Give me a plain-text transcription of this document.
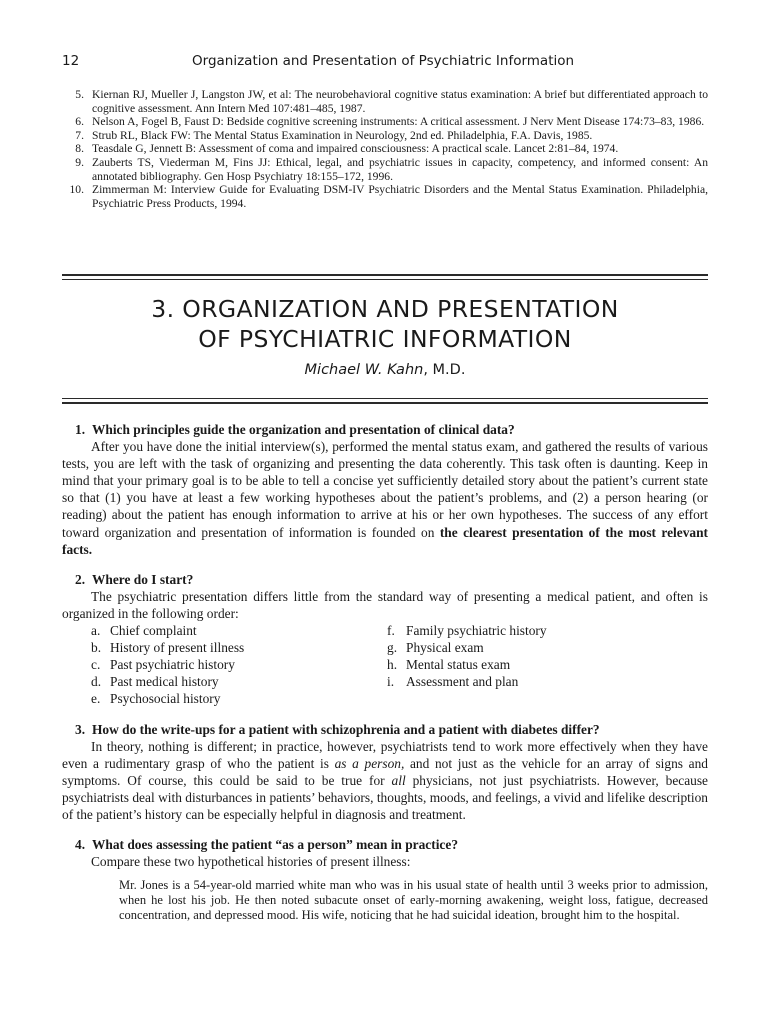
12	Organization and Presentation of Psychiatric Information
5. Kiernan RJ, Mueller J, Langston JW, et al: The neurobehavioral cognitive status examination: A brief but differentiated approach to cognitive assessment. Ann Intern Med 107:481–485, 1987.
6. Nelson A, Fogel B, Faust D: Bedside cognitive screening instruments: A critical assessment. J Nerv Ment Disease 174:73–83, 1986.
7. Strub RL, Black FW: The Mental Status Examination in Neurology, 2nd ed. Philadelphia, F.A. Davis, 1985.
8. Teasdale G, Jennett B: Assessment of coma and impaired consciousness: A practical scale. Lancet 2:81–84, 1974.
9. Zauberts TS, Viederman M, Fins JJ: Ethical, legal, and psychiatric issues in capacity, competency, and informed consent: An annotated bibliography. Gen Hosp Psychiatry 18:155–172, 1996.
10. Zimmerman M: Interview Guide for Evaluating DSM-IV Psychiatric Disorders and the Mental Status Examination. Philadelphia, Psychiatric Press Products, 1994.
3. ORGANIZATION AND PRESENTATION
OF PSYCHIATRIC INFORMATION
Michael W. Kahn, M.D.
1. Which principles guide the organization and presentation of clinical data?

After you have done the initial interview(s), performed the mental status exam, and gathered the results of various tests, you are left with the task of organizing and presenting the data coherently. This task often is daunting. Keep in mind that your primary goal is to be able to tell a concise yet sufficiently detailed story about the patient’s current state so that (1) you have at least a few working hypotheses about the patient’s problems, and (2) a person hearing (or reading) about the patient has enough information to arrive at his or her own hypotheses. The success of any effort toward organization and presentation of information is founded on the clearest presentation of the most relevant facts.

2. Where do I start?

The psychiatric presentation differs little from the standard way of presenting a medical patient, and often is organized in the following order:

a. Chief complaint	f. Family psychiatric history
b. History of present illness	g. Physical exam
c. Past psychiatric history	h. Mental status exam
d. Past medical history	i. Assessment and plan
e. Psychosocial history
3. How do the write-ups for a patient with schizophrenia and a patient with diabetes differ?

In theory, nothing is different; in practice, however, psychiatrists tend to work more effectively when they have even a rudimentary grasp of who the patient is as a person, and not just as the vehicle for an array of signs and symptoms. Of course, this could be said to be true for all physicians, not just psychiatrists. However, because psychiatrists deal with disturbances in patients’ behaviors, thoughts, moods, and feelings, a vivid and lifelike description of the patient’s history can be especially helpful in diagnosis and treatment.

4. What does assessing the patient “as a person” mean in practice?
Compare these two hypothetical histories of present illness:
Mr. Jones is a 54-year-old married white man who was in his usual state of health until 3 weeks prior to admission, when he lost his job. He then noted subacute onset of early-morning awakening, weight loss, fatigue, decreased concentration, and depressed mood. His wife, noticing that he had suicidal ideation, brought him to the hospital.
